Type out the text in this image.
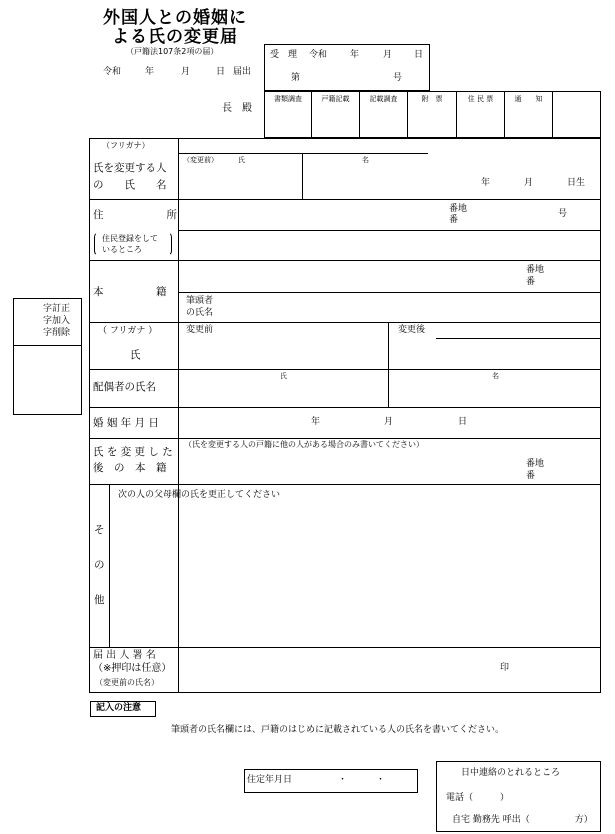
外国人との婚姻に
よる氏の変更届
（戸籍法107条2項の届）
令和	年	月	日 届出
長　殿
受　理 令和	年	月 日
第	号
書類調査	戸籍記載	記載調査	附　票	住 民 票	通　　知
字訂正
字加入
字削除
（フリガナ）
氏を変更する人
の　　氏　　名
（変更前）	氏	名
年	月	日生
住　　　　　　所
住民登録をして
いるところ
番地
番
号
本　　　　　籍
番地
番
筆頭者
の氏名
（ フリガナ ）
氏
変更前	変更後
配偶者の氏名
氏	名
婚 姻 年 月 日	年	月	日
氏 を 変 更 し た
後　の　本　籍
（氏を変更する人の戸籍に他の人がある場合のみ書いてください）
番地
番
そ
の
他
次の人の父母欄の氏を更正してください
届 出 人 署 名
（※押印は任意）
（変更前の氏名）
印
記入の注意
筆頭者の氏名欄には、戸籍のはじめに記載されている人の氏名を書いてください。
住定年月日	・	・
日中連絡のとれるところ
電話（　　　）
自宅 勤務先 呼出（　　　　　方）
